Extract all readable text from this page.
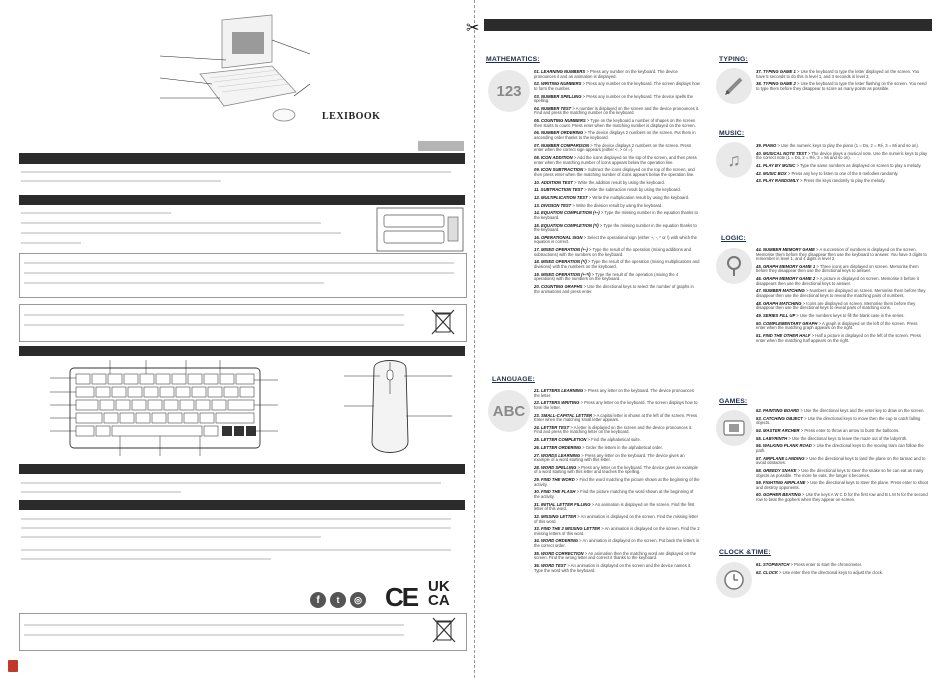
LEXIBOOK
f	t	◎ CE UK
CA
✂
MATHEMATICS:
123
01. LEARNING NUMBERS > Press any number on the keyboard. The device pronounces it and an animation is displayed.
02. WRITING NUMBERS > Press any number on the keyboard. The screen displays how to form the number.
03. NUMBER SPELLING > Press any number on the keyboard. The device spells the spelling.
04. NUMBER TEST > A number is displayed on the screen and the device pronounces it. Find and press the matching number on the keyboard.
05. COUNTING NUMBERS > Type on the keyboard a number of shapes on the screen then starts to count. Press enter when the matching number is displayed on the screen.
06. NUMBER ORDERING > The device displays 2 numbers on the screen. Put them in ascending order thanks to the keyboard.
07. NUMBER COMPARISON > The device displays 2 numbers on the screen. Press enter when the correct sign appears (either <, > or =).
08. ICON ADDITION > Add the icons displayed on the top of the screen, and then press enter when the matching number of icons appears below the operation line.
09. ICON SUBTRACTION > Subtract the icons displayed on the top of the screen, and then press enter when the matching number of icons appears below the operation line.
10. ADDITION TEST > Write the addition result by using the keyboard.
11. SUBTRACTION TEST > Write the subtraction result by using the keyboard.
12. MULTIPLICATION TEST > Write the multiplication result by using the keyboard.
13. DIVISION TEST > Write the division result by using the keyboard.
14. EQUATION COMPLETION (+-) > Type the missing number in the equation thanks to the keyboard.
15. EQUATION COMPLETION (*/) > Type the missing number in the equation thanks to the keyboard.
16. OPERATIONAL SIGN > Select the operational sign (either +, -, * or /) with which the equation is correct.
17. MIXED OPERATION (+-) > Type the result of the operation (mixing additions and subtractions) with the numbers on the keyboard.
18. MIXED OPERATION (*/) > Type the result of the operation (mixing multiplications and divisions) with the numbers on the keyboard.
19. MIXED OPERATION (+-*/) > Type the result of the operation (mixing the 4 operations) with the numbers on the keyboard.
20. COUNTING GRAPHS > Use the directional keys to select the number of graphs in the animations and press enter.
LANGUAGE:
ABC
21. LETTERS LEARNING > Press any letter on the keyboard. The device pronounces the letter.
22. LETTERS WRITING > Press any letter on the keyboard. The screen displays how to form the letter.
23. SMALL-CAPITAL LETTER > A capital letter is shown at the left of the screen. Press Enter when the matching small letter appears.
24. LETTER TEST > A letter is displayed on the screen and the device pronounces it. Find and press the matching letter on the keyboard.
25. LETTER COMPLETION > Find the alphabetical suite.
26. LETTER ORDERING > Order the letters in the alphabetical order.
27. WORDS LEARNING > Press any letter on the keyboard. The device gives an example of a word starting with this letter.
28. WORD SPELLING > Press any letter on the keyboard. The device gives an example of a word starting with this letter and teaches the spelling.
29. FIND THE WORD > Find the word matching the picture shown at the beginning of the activity.
30. FIND THE FLASH > Find the picture matching the word shown at the beginning of the activity.
31. INITIAL LETTER FILLING > An animation is displayed on the screen. Find the first letter of this word.
32. MISSING LETTER > An animation is displayed on the screen. Find the missing letter of this word.
33. FIND THE 2 MISSING LETTER > An animation is displayed on the screen. Find the 2 missing letters of this word.
34. WORD ORDERING > An animation is displayed on the screen. Put back the letters in the correct order.
35. WORD CORRECTION > An animation then the matching word are displayed on the screen. Find the wrong letter and correct it thanks to the keyboard.
36. WORD TEST > An animation is displayed on the screen and the device names it. Type the word with the keyboard.
TYPING:
37. TYPING GAME 1 > Use the keyboard to type the letter displayed on the screen. You have 5 seconds to do this in level 1, and 3 seconds in level 2.
38. TYPING GAME 2 > Use the keyboard to type the letter flashing on the screen. You need to type them before they disappear to score as many points as possible.
MUSIC:
♫
39. PIANO > Use the numeric keys to play the piano (1 = Do, 2 = Ré, 3 = Mi and so on).
40. MUSICAL NOTE TEST > The device plays a musical note. Use the numeric keys to play the correct note (1 = Do, 2 = Ré, 3 = Mi and so on).
41. PLAY BY MUSIC > Type the same numbers as displayed on screen to play a melody.
42. MUSIC BOX > Press any key to listen to one of the 6 melodies randomly.
43. PLAY RANDOMLY > Press the keys randomly to play the melody.
LOGIC:
44. NUMBER MEMORY GAME > A succession of numbers is displayed on the screen. Memorise them before they disappear then use the keyboard to answer. You have 3 digits to remember in level 1, and 4 digits in level 2.
45. GRAPH MEMORY GAME 1 > Three icons are displayed on screen. Memorise them before they disappear then use the directional keys to answer.
46. GRAPH MEMORY GAME 2 > A picture is displayed on screen. Memorise it before it disappears then use the directional keys to answer.
47. NUMBER MATCHING > Numbers are displayed on screen. Memorise them before they disappear then use the directional keys to reveal the matching pairs of numbers.
48. GRAPH MATCHING > Icons are displayed on screen. Memorise them before they disappear then use the directional keys to reveal pairs of matching icons.
49. SERIES FILL UP > Use the numbers keys to fill the blank case in the series.
50. COMPLEMENTARY GRAPH > A graph is displayed on the left of the screen. Press enter when the matching graph appears on the right.
51. FIND THE OTHER HALF > Half a picture is displayed on the left of the screen. Press enter when the matching half appears on the right.
GAMES:
52. PAINTING BOARD > Use the directional keys and the enter key to draw on the screen.
53. CATCHING OBJECT > Use the directional keys to move then the cup to catch falling objects.
54. MASTER ARCHER > Press enter to throw an arrow to burst the balloons.
55. LABYRINTH > Use the directional keys to leave the maze out of the labyrinth.
56. WALKING PLANK ROAD > Use the directional keys to the moving tram can follow the path.
57. AIRPLANE LANDING > Use the directional keys to land the plane on the tarmac and to avoid obstacles.
58. GREEDY SNAKE > Use the directional keys to steer the snake so he can eat as many objects as possible. The more he eats, the longer it becomes.
59. FIGHTING AIRPLANE > Use the directional keys to steer the plane. Press enter to shoot and destroy opponents.
60. GOPHER BEATING > Use the keys A W C D for the first row and B L M N for the second row to beat the gophers when they appear on screen.
CLOCK &TIME:
61. STOPWATCH > Press enter to start the chronometer.
62. CLOCK > Use enter then the directional keys to adjust the clock.
